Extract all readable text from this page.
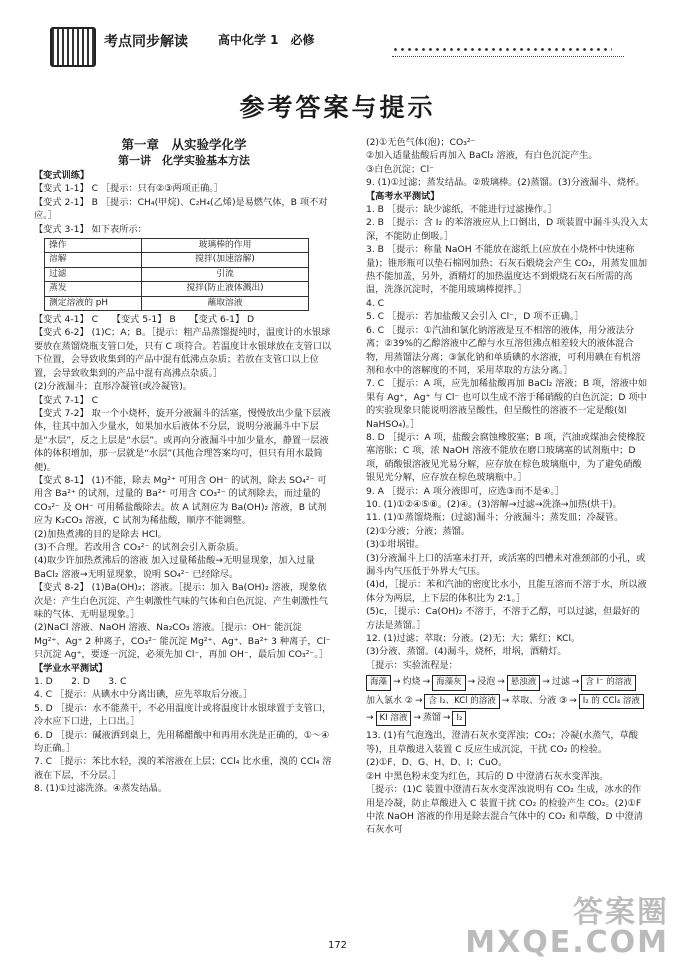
考点同步解读	高中化学 1　 必修
参考答案与提示

第一章　从实验学化学

第一讲　化学实验基本方法

【变式训练】

【变式 1-1】 C ［提示：只有②③两项正确。］

【变式 2-1】 B ［提示：CH₄(甲烷)、C₂H₄(乙烯)是易燃气体，B 项不对应。］

【变式 3-1】 如下表所示：

操作	玻璃棒的作用
溶解	搅拌(加速溶解)
过滤	引流
蒸发	搅拌(防止液体溅出)
测定溶液的 pH	蘸取溶液

【变式 4-1】 C　　【变式 5-1】 B　　【变式 6-1】 D

【变式 6-2】 (1)C；A；B。［提示：粗产品蒸馏提纯时，温度计的水银球要放在蒸馏烧瓶支管口处，只有 C 项符合。若温度计水银球放在支管口以下位置，会导致收集到的产品中混有低沸点杂质；若放在支管口以上位置，会导致收集到的产品中混有高沸点杂质。］

(2)分液漏斗；直形冷凝管(或冷凝管)。

【变式 7-1】 C

【变式 7-2】 取一个小烧杯，旋开分液漏斗的活塞，慢慢放出少量下层液体，往其中加入少量水，如果加水后液体不分层，说明分液漏斗中下层是“水层”，反之上层是“水层”。或再向分液漏斗中加少量水，静置一层液体的体积增加，那一层就是“水层”(其他合理答案均可，但只有用水最简便)。

【变式 8-1】 (1)不能，除去 Mg²⁺ 可用含 OH⁻ 的试剂，除去 SO₄²⁻ 可用含 Ba²⁺ 的试剂，过量的 Ba²⁺ 可用含 CO₃²⁻ 的试剂除去，而过量的 CO₃²⁻ 及 OH⁻ 可用稀盐酸除去。故 A 试剂应为 Ba(OH)₂ 溶液，B 试剂应为 K₂CO₃ 溶液，C 试剂为稀盐酸，顺序不能调整。

(2)加热煮沸的目的是除去 HCl。

(3)不合理。若改用含 CO₃²⁻ 的试剂会引入新杂质。

(4)取少许加热煮沸后的溶液 加入过量稀盐酸→无明显现象，加入过量 BaCl₂ 溶液→无明显现象，说明 SO₄²⁻ 已经除尽。

【变式 8-2】 (1)Ba(OH)₂；溶液。［提示：加入 Ba(OH)₂ 溶液，现象依次是：产生白色沉淀、产生刺激性气味的气体和白色沉淀、产生刺激性气味的气体、无明显现象。］

(2)NaCl 溶液、NaOH 溶液、Na₂CO₃ 溶液。［提示：OH⁻ 能沉淀 Mg²⁺、Ag⁺ 2 种离子，CO₃²⁻ 能沉淀 Mg²⁺、Ag⁺、Ba²⁺ 3 种离子，Cl⁻ 只沉淀 Ag⁺，要逐一沉淀，必须先加 Cl⁻，再加 OH⁻，最后加 CO₃²⁻。］

【学业水平测试】

1. D　　2. D　　3. C

4. C ［提示：从碘水中分离出碘，应先萃取后分液。］

5. D ［提示：水不能蒸干，不必用温度计或将温度计水银球置于支管口，冷水应下口进，上口出。］

6. D ［提示：碱液洒到桌上，先用稀醋酸中和再用水洗是正确的，①～④均正确。］

7. C ［提示：苯比水轻，溴的苯溶液在上层；CCl₄ 比水重，溴的 CCl₄ 溶液在下层，不分层。］

8. (1)①过滤洗涤。④蒸发结晶。

(2)①无色气体(泡)；CO₃²⁻

②加入适量盐酸后再加入 BaCl₂ 溶液，有白色沉淀产生。

③白色沉淀；Cl⁻

9. (1)①过滤；蒸发结晶。②玻璃棒。(2)蒸馏。(3)分液漏斗、烧杯。

【高考水平测试】

1. B ［提示：缺少滤纸，不能进行过滤操作。］

2. B ［提示：含 I₂ 的苯溶液应从上口倒出，D 项装置中漏斗头没入太深，不能防止倒吸。］

3. B ［提示：称量 NaOH 不能放在滤纸上(应放在小烧杯中快速称量)；锥形瓶可以垫石棉网加热；石灰石煅烧会产生 CO₂，用蒸发皿加热不能加盖，另外，酒精灯的加热温度达不到煅烧石灰石所需的高温，洗涤沉淀时，不能用玻璃棒搅拌。］

4. C

5. C ［提示：若加盐酸又会引入 Cl⁻，D 项不正确。］

6. C ［提示：①汽油和氯化钠溶液是互不相溶的液体，用分液法分离；②39%的乙醇溶液中乙醇与水互溶但沸点相差较大的液体混合物，用蒸馏法分离；③氯化钠和单质碘的水溶液，可利用碘在有机溶剂和水中的溶解度的不同，采用萃取的方法分离。］

7. C ［提示：A 项，应先加稀盐酸再加 BaCl₂ 溶液；B 项，溶液中如果有 Ag⁺，Ag⁺ 与 Cl⁻ 也可以生成不溶于稀硝酸的白色沉淀；D 项中的实验现象只能说明溶液呈酸性，但呈酸性的溶液不一定是酸(如 NaHSO₄)。］

8. D ［提示：A 项，盐酸会腐蚀橡胶塞；B 项，汽油或煤油会使橡胶塞溶胀；C 项，浓 NaOH 溶液不能放在磨口玻璃塞的试剂瓶中；D 项，硝酸银溶液见光易分解，应存放在棕色玻璃瓶中，为了避免硝酸银见光分解，应存放在棕色玻璃瓶中。］

9. A ［提示：A 项分液即可，应选③而不是④。］

10. (1)①②④⑤⑧。(2)④。(3)溶解→过滤→洗涤→加热(烘干)。

11. (1)①蒸馏烧瓶；(过滤)漏斗；分液漏斗；蒸发皿；冷凝管。

(2)①分液；分液；蒸馏。

(3)①坩埚钳。

(3)分液漏斗上口的活塞未打开，或活塞的凹槽未对准颈部的小孔，或漏斗内气压低于外界大气压。

(4)d，［提示：苯和汽油的密度比水小，且能互溶而不溶于水，所以液体分为两层，上下层的体积比为 2∶1。］

(5)c，［提示：Ca(OH)₂ 不溶于，不溶于乙醇，可以过滤，但最好的方法是蒸馏。］

12. (1)过滤；萃取；分液。(2)无；大；紫红；KCl。

(3)分液、蒸馏。(4)漏斗，烧杯，坩埚，酒精灯。

［提示：实验流程是：

海藻 → 灼烧 → 海藻灰 → 浸泡 → 悬浊液 → 过滤 → 含 I⁻ 的溶液
加入氯水 ② → 含 I₂、KCl 的溶液 → 萃取、分液 ③ → I₂ 的 CCl₄ 溶液
→ KI 溶液 → 蒸馏 → I₂

13. (1)有气泡逸出，澄清石灰水变浑浊；CO₂；冷凝(水蒸气，草酸等)，且草酸进入装置 C 反应生成沉淀，干扰 CO₂ 的检验。

(2)①F、D、G、H、D、I；CuO。

②H 中黑色粉末变为红色，其后的 D 中澄清石灰水变浑浊。

［提示：(1)C 装置中澄清石灰水变浑浊说明有 CO₂ 生成，冰水的作用是冷凝，防止草酸进入 C 装置干扰 CO₂ 的检验产生 CO₂。(2)①F 中浓 NaOH 溶液的作用是除去混合气体中的 CO₂ 和草酸，D 中澄清石灰水可

172
答案圈
MXQE.COM
